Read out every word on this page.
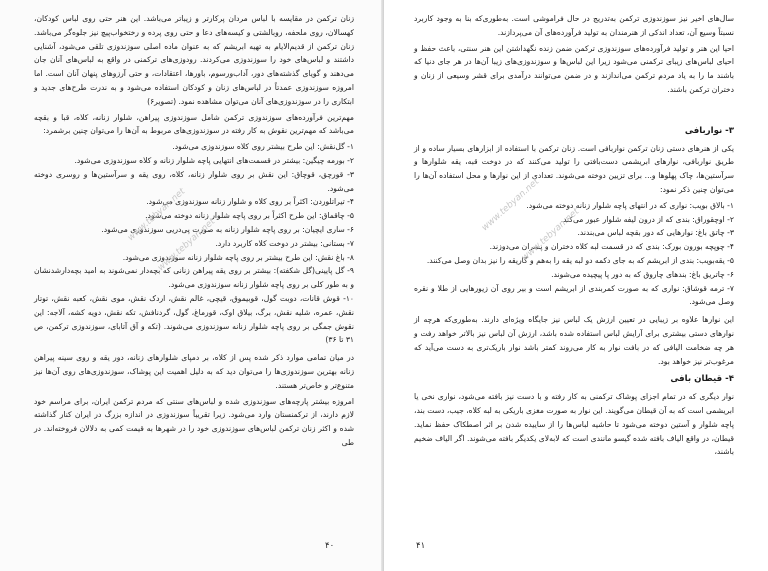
زنان ترکمن در مقایسه با لباس مردان پرکارتر و زیباتر می‌باشد. این هنر حتی روی لباس کودکان، کهسالان، روی ملحفه، روبالشتی و کیسه‌های دعا و حتی روی پرده و رختخواب‌پیچ نیز جلوه‌گر می‌باشد. زنان ترکمن از قدیم‌الایام به تهیه ابریشم که به عنوان ماده اصلی سوزندوزی تلقی می‌شود، آشنایی داشتند و لباس‌های خود را سوزندوزی می‌کردند. رودوزی‌های ترکمنی در واقع به لباس‌های آنان جان می‌دهند و گویای گذشته‌های دور، آداب‌ورسوم، باورها، اعتقادات، و حتی آرزوهای پنهان آنان است. اما امروزه سوزندوزی عمدتاً در لباس‌های زنان و کودکان استفاده می‌شود و به ندرت طرح‌های جدید و ابتکاری را در سوزندوزی‌های آنان می‌توان مشاهده نمود. (تصویر۶)

مهم‌ترین فرآورده‌های سوزندوزی ترکمن شامل سوزندوزی پیراهن، شلوار زنانه، کلاه، قبا و بقچه می‌باشد که مهم‌ترین نقوش به کار رفته در سوزندوزی‌های مربوط به آن‌ها را می‌توان چنین برشمرد:

۱- گل‌نقش: این طرح بیشتر روی کلاه سوزندوزی می‌شود.
۲- بورمه چیگین: بیشتر در قسمت‌های انتهایی پاچه شلوار زنانه و کلاه سوزندوزی می‌شود.
۳- قورچق، قوچاق: این نقش بر روی شلوار زنانه، کلاه، روی یقه و سرآستین‌ها و روسری دوخته می‌شود.
۴- تیراتلوردن: اکثراً بر روی کلاه و شلوار زنانه سوزندوزی می‌شود.
۵- چاقماق: این طرح اکثراً بر روی پاچه شلوار زنانه دوخته می‌شود.
۶- ساری ایچیان: بر روی پاچه شلوار زنانه به صورت پی‌دریی سوزندوزی می‌شود.
۷- بستانی: بیشتر در دوخت کلاه کاربرد دارد.
۸- باغ نقش: این طرح بیشتر بر روی پاچه شلوار زنانه سوزندوزی می‌شود.
۹- گل پایینی(گل شکفته): بیشتر بر روی یقه پیراهن زنانی که بچه‌دار نمی‌شوند به امید بچه‌دارشدنشان و به طور کلی بر روی پاچه شلوار زنانه سوزندوزی می‌شود.
۱۰- قوش قانات، دوبت گول، قوبیموق، قیچی، غالم نقش، اردک نقش، موی نقش، کعبه نقش، توتار نقش، عمره، شلیه نقش، برگ، بیلاق اوک، قورماغ، گول، گردنافش، تکه نقش، دویه کشه، آلاجه: این نقوش جمگی بر روی پاچه شلوار زنانه سوزندوزی می‌شوند. (تکه و آق آتابای، سوزندوزی ترکمن، ص ۳۱ تا ۳۶)

در میان تمامی موارد ذکر شده پس از کلاه، بر دمپای شلوارهای زنانه، دور یقه و روی سینه پیراهن زنانه بهترین سوزندوزی‌ها را می‌توان دید که به دلیل اهمیت این پوشاک، سوزندوزی‌های روی آن‌ها نیز متنوع‌تر و خاص‌تر هستند.

امروزه بیشتر پارچه‌های سوزندوزی شده و لباس‌های سنتی که مردم ترکمن ایران، برای مراسم خود لازم دارند، از ترکمنستان وارد می‌شود. زیرا تقریباً سوزندوزی در اندازه بزرگ در ایران کنار گذاشته شده و اکثر زنان ترکمن لباس‌های سوزندوزی خود را در شهرها به قیمت کمی به دلالان فروخته‌اند. در طی

www.tebyan.net
www.tebyan.net
۴۰

سال‌های اخیر نیز سوزندوزی ترکمن به‌تدریج در حال فراموشی است. به‌طوری‌که بنا به وجود کاربرد نسبتاً وسیع آن، تعداد اندکی از هنرمندان به تولید فرآورده‌های آن می‌پردازند.

احیا این هنر و تولید فرآورده‌های سوزندوزی ترکمن ضمن زنده نگهداشتن این هنر سنتی، باعث حفظ و احیای لباس‌های زیبای ترکمنی می‌شود زیرا این لباس‌ها و سوزندوزی‌های زیبا آن‌ها در هر جای دنیا که باشند ما را به یاد مردم ترکمن می‌اندازند و در ضمن می‌توانند درآمدی برای قشر وسیعی از زنان و دختران ترکمن باشند.

۳- نواربافی

یکی از هنرهای دستی زنان ترکمن نواربافی است. زنان ترکمن با استفاده از ابزارهای بسیار ساده و از طریق نواربافی، نوارهای ابریشمی دست‌بافتی را تولید می‌کنند که در دوخت قبه، یقه شلوارها و سرآستین‌ها، چاک پهلوها و... برای تزیین دوخته می‌شوند. تعدادی از این نوارها و محل استفاده آن‌ها را می‌توان چنین ذکر نمود:

۱- بالاق بویب: نواری که در انتهای پاچه شلوار زنانه دوخته می‌شود.
۲- اوچقوراق: بندی که از درون لیفه شلوار عبور می‌کند.
۳- چاتق باغ: نوارهایی که دور بقچه لباس می‌بندند.
۴- چوپچه بورون بورک: بندی که در قسمت لبه کلاه دختران و پسران می‌دوزند.
۵- یقه‌بویب: بندی از ابریشم که به جای دکمه دو لبه یقه را به‌هم و گاریقه را نیز بدان وصل می‌کنند.
۶- چاتریق باغ: بندهای چاروق که به دور پا پیچیده می‌شوند.
۷- ترمه قوشاق: نواری که به صورت کمربندی از ابریشم است و بیر روی آن زیورهایی از طلا و نقره وصل می‌شود.

این نوارها علاوه بر زیبایی در تعیین ارزش یک لباس نیز جایگاه ویژه‌ای دارند. به‌طوری‌که هرچه از نوارهای دستی بیشتری برای آرایش لباس استفاده شده باشد، ارزش آن لباس نیز بالاتر خواهد رفت و هر چه ضخامت الیافی که در بافت نوار به کار می‌روند کمتر باشد نوار باریک‌تری به دست می‌آید که مرغوب‌تر نیز خواهد بود.

۴- قیطان بافی

نوار دیگری که در تمام اجزای پوشاک ترکمنی به کار رفته و با دست نیز بافته می‌شود، نواری نخی یا ابریشمی است که به آن قیطان می‌گویند. این نوار به صورت مغزی باریکی به لبه کلاه، جیب، دست بند، پاچه شلوار و آستین دوخته می‌شود تا حاشیه لباس‌ها را از ساییده شدن بر اثر اصطکاک حفظ نماید. قیطان، در واقع الیاف بافته شده گیسو مانندی است که لابه‌لای یکدیگر بافته می‌شوند. اگر الیاف ضخیم باشند،

www.tebyan.net
www.tebyan.net
۴۱
